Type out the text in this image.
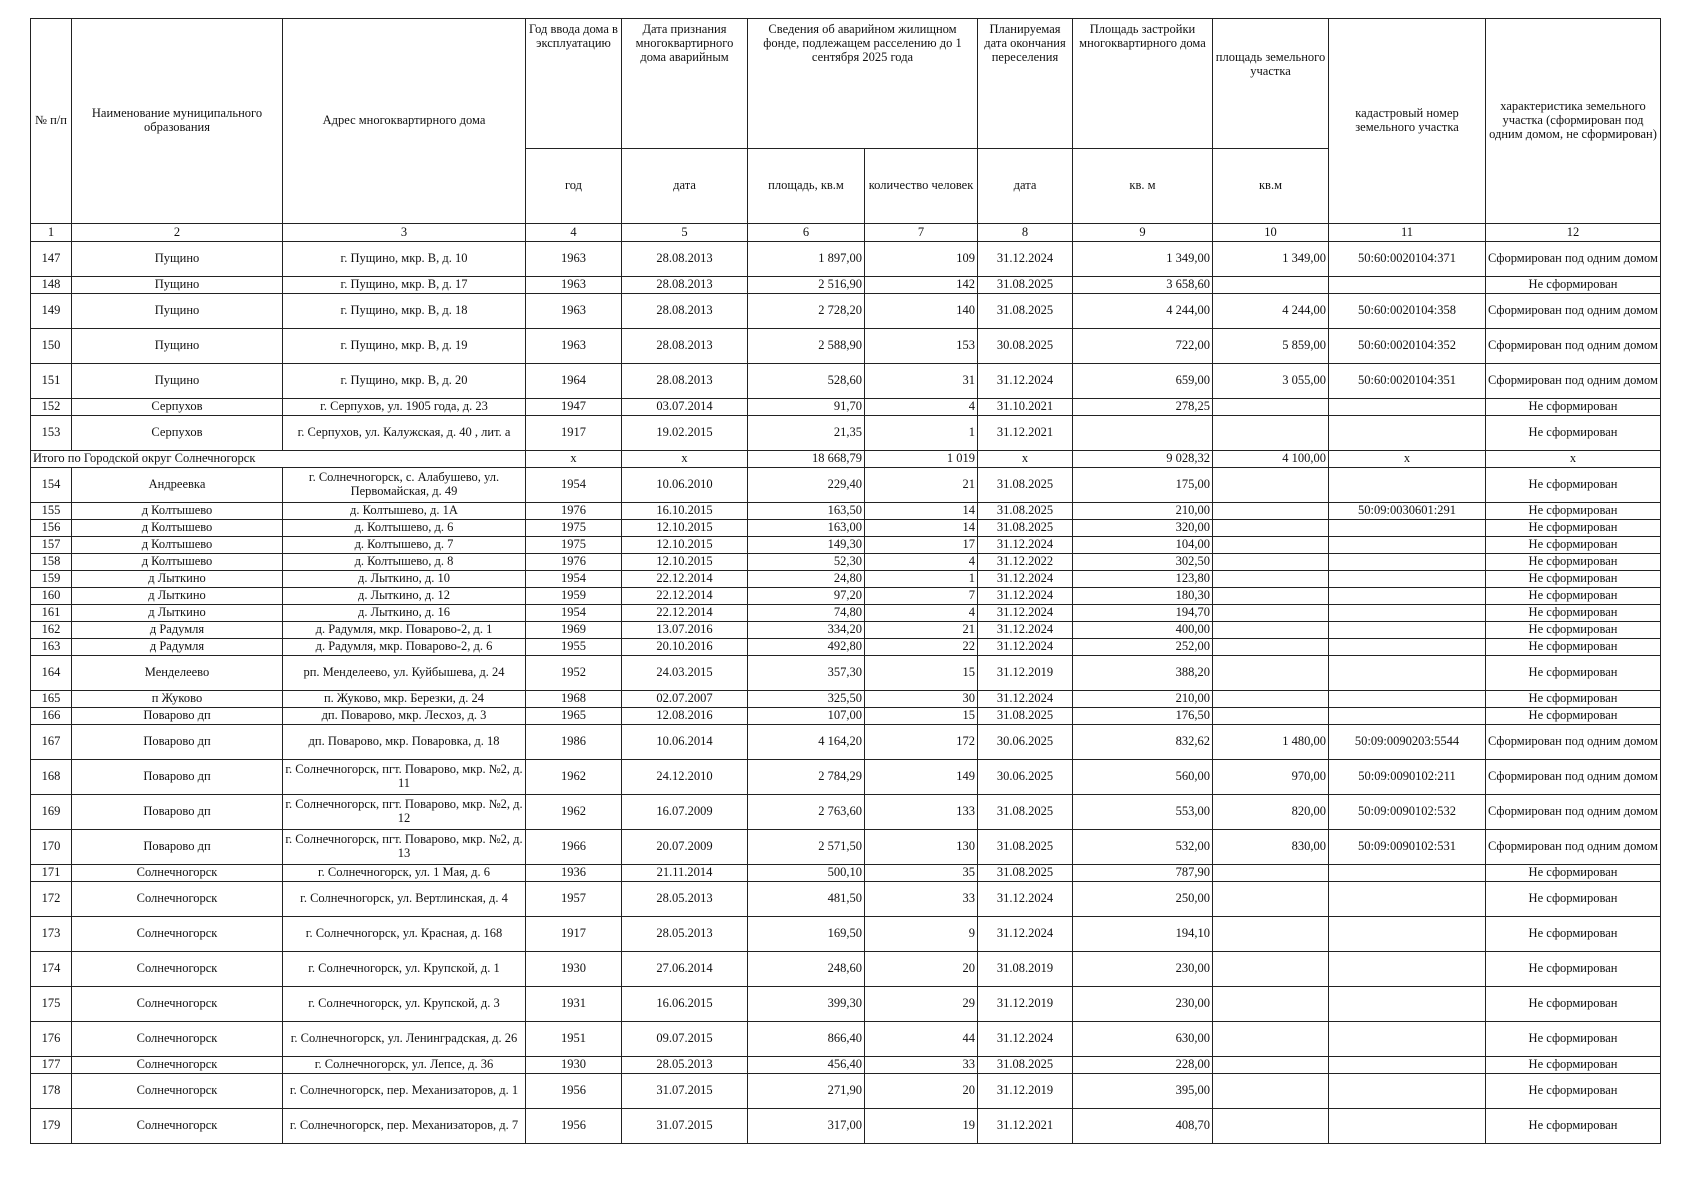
№ п/п	Наименование муниципального образования	Адрес многоквартирного дома	Год ввода дома в эксплуатацию	Дата признания многоквартирного дома аварийным	Сведения об аварийном жилищном фонде, подлежащем расселению до 1 сентября 2025 года		Планируемая дата окончания переселения	Площадь застройки многоквартирного дома	площадь земельного участка	кадастровый номер земельного участка	характеристика земельного участка (сформирован под одним домом, не сформирован)
			год	дата	площадь, кв.м	количество человек	дата	кв. м	кв.м		
1	2	3	4	5	6	7	8	9	10	11	12
147	Пущино	г. Пущино, мкр. В, д. 10	1963	28.08.2013	1 897,00	109	31.12.2024	1 349,00	1 349,00	50:60:0020104:371	Сформирован под одним домом
148	Пущино	г. Пущино, мкр. В, д. 17	1963	28.08.2013	2 516,90	142	31.08.2025	3 658,60			Не сформирован
149	Пущино	г. Пущино, мкр. В, д. 18	1963	28.08.2013	2 728,20	140	31.08.2025	4 244,00	4 244,00	50:60:0020104:358	Сформирован под одним домом
150	Пущино	г. Пущино, мкр. В, д. 19	1963	28.08.2013	2 588,90	153	30.08.2025	722,00	5 859,00	50:60:0020104:352	Сформирован под одним домом
151	Пущино	г. Пущино, мкр. В, д. 20	1964	28.08.2013	528,60	31	31.12.2024	659,00	3 055,00	50:60:0020104:351	Сформирован под одним домом
152	Серпухов	г. Серпухов, ул. 1905 года, д. 23	1947	03.07.2014	91,70	4	31.10.2021	278,25			Не сформирован
153	Серпухов	г. Серпухов, ул. Калужская, д. 40 , лит. а	1917	19.02.2015	21,35	1	31.12.2021				Не сформирован
Итого по Городской округ Солнечногорск			x	x	18 668,79	1 019	x	9 028,32	4 100,00	x	x
154	Андреевка	г. Солнечногорск, с. Алабушево, ул. Первомайская, д. 49	1954	10.06.2010	229,40	21	31.08.2025	175,00			Не сформирован
155	д Колтышево	д. Колтышево, д. 1А	1976	16.10.2015	163,50	14	31.08.2025	210,00		50:09:0030601:291	Не сформирован
156	д Колтышево	д. Колтышево, д. 6	1975	12.10.2015	163,00	14	31.08.2025	320,00			Не сформирован
157	д Колтышево	д. Колтышево, д. 7	1975	12.10.2015	149,30	17	31.12.2024	104,00			Не сформирован
158	д Колтышево	д. Колтышево, д. 8	1976	12.10.2015	52,30	4	31.12.2022	302,50			Не сформирован
159	д Лыткино	д. Лыткино, д. 10	1954	22.12.2014	24,80	1	31.12.2024	123,80			Не сформирован
160	д Лыткино	д. Лыткино, д. 12	1959	22.12.2014	97,20	7	31.12.2024	180,30			Не сформирован
161	д Лыткино	д. Лыткино, д. 16	1954	22.12.2014	74,80	4	31.12.2024	194,70			Не сформирован
162	д Радумля	д. Радумля, мкр. Поварово-2, д. 1	1969	13.07.2016	334,20	21	31.12.2024	400,00			Не сформирован
163	д Радумля	д. Радумля, мкр. Поварово-2, д. 6	1955	20.10.2016	492,80	22	31.12.2024	252,00			Не сформирован
164	Менделеево	рп. Менделеево, ул. Куйбышева, д. 24	1952	24.03.2015	357,30	15	31.12.2019	388,20			Не сформирован
165	п Жуково	п. Жуково, мкр. Березки, д. 24	1968	02.07.2007	325,50	30	31.12.2024	210,00			Не сформирован
166	Поварово дп	дп. Поварово, мкр. Лесхоз, д. 3	1965	12.08.2016	107,00	15	31.08.2025	176,50			Не сформирован
167	Поварово дп	дп. Поварово, мкр. Поваровка, д. 18	1986	10.06.2014	4 164,20	172	30.06.2025	832,62	1 480,00	50:09:0090203:5544	Сформирован под одним домом
168	Поварово дп	г. Солнечногорск, пгт. Поварово, мкр. №2, д. 11	1962	24.12.2010	2 784,29	149	30.06.2025	560,00	970,00	50:09:0090102:211	Сформирован под одним домом
169	Поварово дп	г. Солнечногорск, пгт. Поварово, мкр. №2, д. 12	1962	16.07.2009	2 763,60	133	31.08.2025	553,00	820,00	50:09:0090102:532	Сформирован под одним домом
170	Поварово дп	г. Солнечногорск, пгт. Поварово, мкр. №2, д. 13	1966	20.07.2009	2 571,50	130	31.08.2025	532,00	830,00	50:09:0090102:531	Сформирован под одним домом
171	Солнечногорск	г. Солнечногорск, ул. 1 Мая, д. 6	1936	21.11.2014	500,10	35	31.08.2025	787,90			Не сформирован
172	Солнечногорск	г. Солнечногорск, ул. Вертлинская, д. 4	1957	28.05.2013	481,50	33	31.12.2024	250,00			Не сформирован
173	Солнечногорск	г. Солнечногорск, ул. Красная, д. 168	1917	28.05.2013	169,50	9	31.12.2024	194,10			Не сформирован
174	Солнечногорск	г. Солнечногорск, ул. Крупской, д. 1	1930	27.06.2014	248,60	20	31.08.2019	230,00			Не сформирован
175	Солнечногорск	г. Солнечногорск, ул. Крупской, д. 3	1931	16.06.2015	399,30	29	31.12.2019	230,00			Не сформирован
176	Солнечногорск	г. Солнечногорск, ул. Ленинградская, д. 26	1951	09.07.2015	866,40	44	31.12.2024	630,00			Не сформирован
177	Солнечногорск	г. Солнечногорск, ул. Лепсе, д. 36	1930	28.05.2013	456,40	33	31.08.2025	228,00			Не сформирован
178	Солнечногорск	г. Солнечногорск, пер. Механизаторов, д. 1	1956	31.07.2015	271,90	20	31.12.2019	395,00			Не сформирован
179	Солнечногорск	г. Солнечногорск, пер. Механизаторов, д. 7	1956	31.07.2015	317,00	19	31.12.2021	408,70			Не сформирован
